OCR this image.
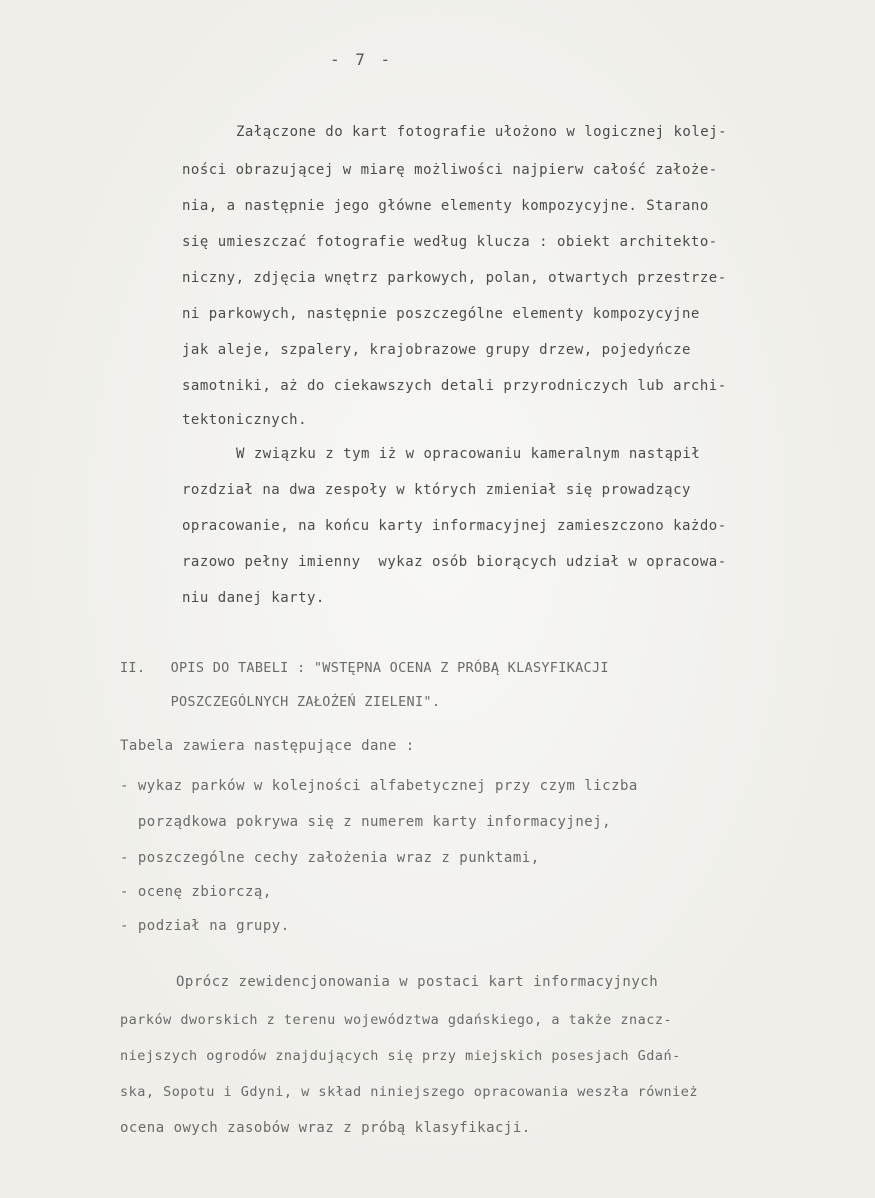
- 7 -
Załączone do kart fotografie ułożono w logicznej kolej-
ności obrazującej w miarę możliwości najpierw całość założe-
nia, a następnie jego główne elementy kompozycyjne. Starano
się umieszczać fotografie według klucza : obiekt architekto-
niczny, zdjęcia wnętrz parkowych, polan, otwartych przestrze-
ni parkowych, następnie poszczególne elementy kompozycyjne
jak aleje, szpalery, krajobrazowe grupy drzew, pojedyńcze
samotniki, aż do ciekawszych detali przyrodniczych lub archi-
tektonicznych.
W związku z tym iż w opracowaniu kameralnym nastąpił
rozdział na dwa zespoły w których zmieniał się prowadzący
opracowanie, na końcu karty informacyjnej zamieszczono każdo-
razowo pełny imienny  wykaz osób biorących udział w opracowa-
niu danej karty.
II.   OPIS DO TABELI : "WSTĘPNA OCENA Z PRÓBĄ KLASYFIKACJI
POSZCZEGÓLNYCH ZAŁOŻEŃ ZIELENI".
Tabela zawiera następujące dane :
- wykaz parków w kolejności alfabetycznej przy czym liczba
porządkowa pokrywa się z numerem karty informacyjnej,
- poszczególne cechy założenia wraz z punktami,
- ocenę zbiorczą,
- podział na grupy.
Oprócz zewidencjonowania w postaci kart informacyjnych
parków dworskich z terenu województwa gdańskiego, a także znacz-
niejszych ogrodów znajdujących się przy miejskich posesjach Gdań-
ska, Sopotu i Gdyni, w skład niniejszego opracowania weszła również
ocena owych zasobów wraz z próbą klasyfikacji.
